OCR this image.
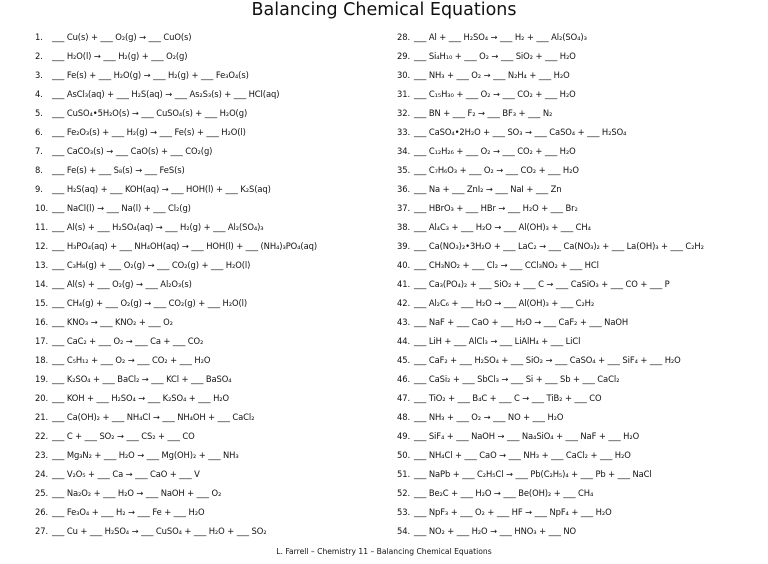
Balancing Chemical Equations
1.	___ Cu(s) + ___ O₂(g) → ___ CuO(s)
2.	___ H₂O(l) → ___ H₂(g) + ___ O₂(g)
3.	___ Fe(s) + ___ H₂O(g) → ___ H₂(g) + ___ Fe₃O₄(s)
4.	___ AsCl₃(aq) + ___ H₂S(aq) → ___ As₂S₃(s) + ___ HCl(aq)
5.	___ CuSO₄•5H₂O(s) → ___ CuSO₄(s) + ___ H₂O(g)
6.	___ Fe₂O₃(s) + ___ H₂(g) → ___ Fe(s) + ___ H₂O(l)
7.	___ CaCO₃(s) → ___ CaO(s) + ___ CO₂(g)
8.	___ Fe(s) + ___ S₈(s) → ___ FeS(s)
9.	___ H₂S(aq) + ___ KOH(aq) → ___ HOH(l) + ___ K₂S(aq)
10. ___ NaCl(l) → ___ Na(l) + ___ Cl₂(g)
11. ___ Al(s) + ___ H₂SO₄(aq) → ___ H₂(g) + ___ Al₂(SO₄)₃
12. ___ H₃PO₄(aq) + ___ NH₄OH(aq) → ___ HOH(l) + ___ (NH₄)₃PO₄(aq)
13. ___ C₃H₈(g) + ___ O₂(g) → ___ CO₂(g) + ___ H₂O(l)
14. ___ Al(s) + ___ O₂(g) → ___ Al₂O₃(s)
15. ___ CH₄(g) + ___ O₂(g) → ___ CO₂(g) + ___ H₂O(l)
16. ___ KNO₃ → ___ KNO₂ + ___ O₂
17. ___ CaC₂ + ___ O₂ → ___ Ca + ___ CO₂
18. ___ C₅H₁₂ + ___ O₂ → ___ CO₂ + ___ H₂O
19. ___ K₂SO₄ + ___ BaCl₂ → ___ KCl + ___ BaSO₄
20. ___ KOH + ___ H₂SO₄ → ___ K₂SO₄ + ___ H₂O
21. ___ Ca(OH)₂ + ___ NH₄Cl → ___ NH₄OH + ___ CaCl₂
22. ___ C + ___ SO₂ → ___ CS₂ + ___ CO
23. ___ Mg₃N₂ + ___ H₂O → ___ Mg(OH)₂ + ___ NH₃
24. ___ V₂O₅ + ___ Ca → ___ CaO + ___ V
25. ___ Na₂O₂ + ___ H₂O → ___ NaOH + ___ O₂
26. ___ Fe₃O₄ + ___ H₂ → ___ Fe + ___ H₂O
27. ___ Cu + ___ H₂SO₄ → ___ CuSO₄ + ___ H₂O + ___ SO₂
28. ___ Al + ___ H₂SO₄ → ___ H₂ + ___ Al₂(SO₄)₃
29. ___ Si₄H₁₀ + ___ O₂ → ___ SiO₂ + ___ H₂O
30. ___ NH₃ + ___ O₂ → ___ N₂H₄ + ___ H₂O
31. ___ C₁₅H₃₀ + ___ O₂ → ___ CO₂ + ___ H₂O
32. ___ BN + ___ F₂ → ___ BF₃ + ___ N₂
33. ___ CaSO₄•2H₂O + ___ SO₃ → ___ CaSO₄ + ___ H₂SO₄
34. ___ C₁₂H₂₆ + ___ O₂ → ___ CO₂ + ___ H₂O
35. ___ C₇H₆O₃ + ___ O₂ → ___ CO₂ + ___ H₂O
36. ___ Na + ___ ZnI₂ → ___ NaI + ___ Zn
37. ___ HBrO₃ + ___ HBr → ___ H₂O + ___ Br₂
38. ___ Al₄C₃ + ___ H₂O → ___ Al(OH)₃ + ___ CH₄
39. ___ Ca(NO₃)₂•3H₂O + ___ LaC₂ → ___ Ca(NO₃)₂ + ___ La(OH)₃ + ___ C₂H₂
40. ___ CH₃NO₂ + ___ Cl₂ → ___ CCl₃NO₂ + ___ HCl
41. ___ Ca₃(PO₄)₂ + ___ SiO₂ + ___ C → ___ CaSiO₃ + ___ CO + ___ P
42. ___ Al₂C₆ + ___ H₂O → ___ Al(OH)₃ + ___ C₂H₂
43. ___ NaF + ___ CaO + ___ H₂O → ___ CaF₂ + ___ NaOH
44. ___ LiH + ___ AlCl₃ → ___ LiAlH₄ + ___ LiCl
45. ___ CaF₂ + ___ H₂SO₄ + ___ SiO₂ → ___ CaSO₄ + ___ SiF₄ + ___ H₂O
46. ___ CaSi₂ + ___ SbCl₃ → ___ Si + ___ Sb + ___ CaCl₂
47. ___ TiO₂ + ___ B₄C + ___ C → ___ TiB₂ + ___ CO
48. ___ NH₃ + ___ O₂ → ___ NO + ___ H₂O
49. ___ SiF₄ + ___ NaOH → ___ Na₄SiO₄ + ___ NaF + ___ H₂O
50. ___ NH₄Cl + ___ CaO → ___ NH₃ + ___ CaCl₂ + ___ H₂O
51. ___ NaPb + ___ C₂H₅Cl → ___ Pb(C₂H₅)₄ + ___ Pb + ___ NaCl
52. ___ Be₂C + ___ H₂O → ___ Be(OH)₂ + ___ CH₄
53. ___ NpF₃ + ___ O₂ + ___ HF → ___ NpF₄ + ___ H₂O
54. ___ NO₂ + ___ H₂O → ___ HNO₃ + ___ NO
L. Farrell – Chemistry 11 – Balancing Chemical Equations
